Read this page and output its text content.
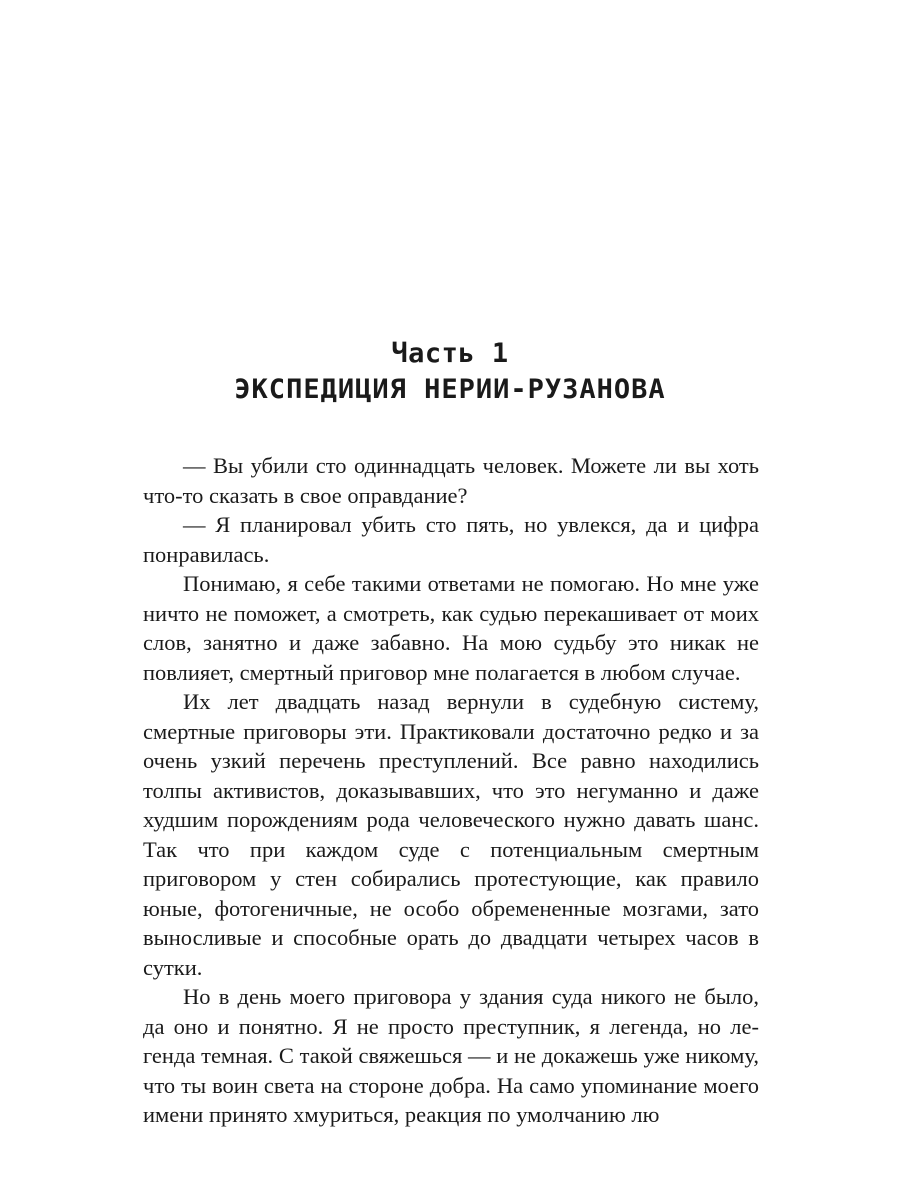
Часть 1
ЭКСПЕДИЦИЯ НЕРИИ-РУЗАНОВА

— Вы убили сто одиннадцать человек. Можете ли вы хоть что-то сказать в свое оправдание?

— Я планировал убить сто пять, но увлекся, да и цифра понравилась.

Понимаю, я себе такими ответами не помогаю. Но мне уже ничто не поможет, а смотреть, как судью перекашивает от моих слов, занятно и даже забавно. На мою судьбу это никак не повлияет, смертный приговор мне полагается в любом случае.

Их лет двадцать назад вернули в судебную систему, смертные приговоры эти. Практиковали достаточно редко и за очень узкий перечень преступлений. Все равно находились толпы активистов, доказывавших, что это негуманно и даже худшим порождениям рода человеческого нужно давать шанс. Так что при каждом суде с потенциальным смертным приговором у стен собирались протестующие, как правило юные, фотогеничные, не особо обремененные мозгами, зато выносливые и способные орать до двадцати четырех часов в сутки.

Но в день моего приговора у здания суда никого не было, да оно и понятно. Я не просто преступник, я легенда, но легенда темная. С такой свяжешься — и не докажешь уже никому, что ты воин света на стороне добра. На само упоминание моего имени принято хмуриться, реакция по умолчанию лю
